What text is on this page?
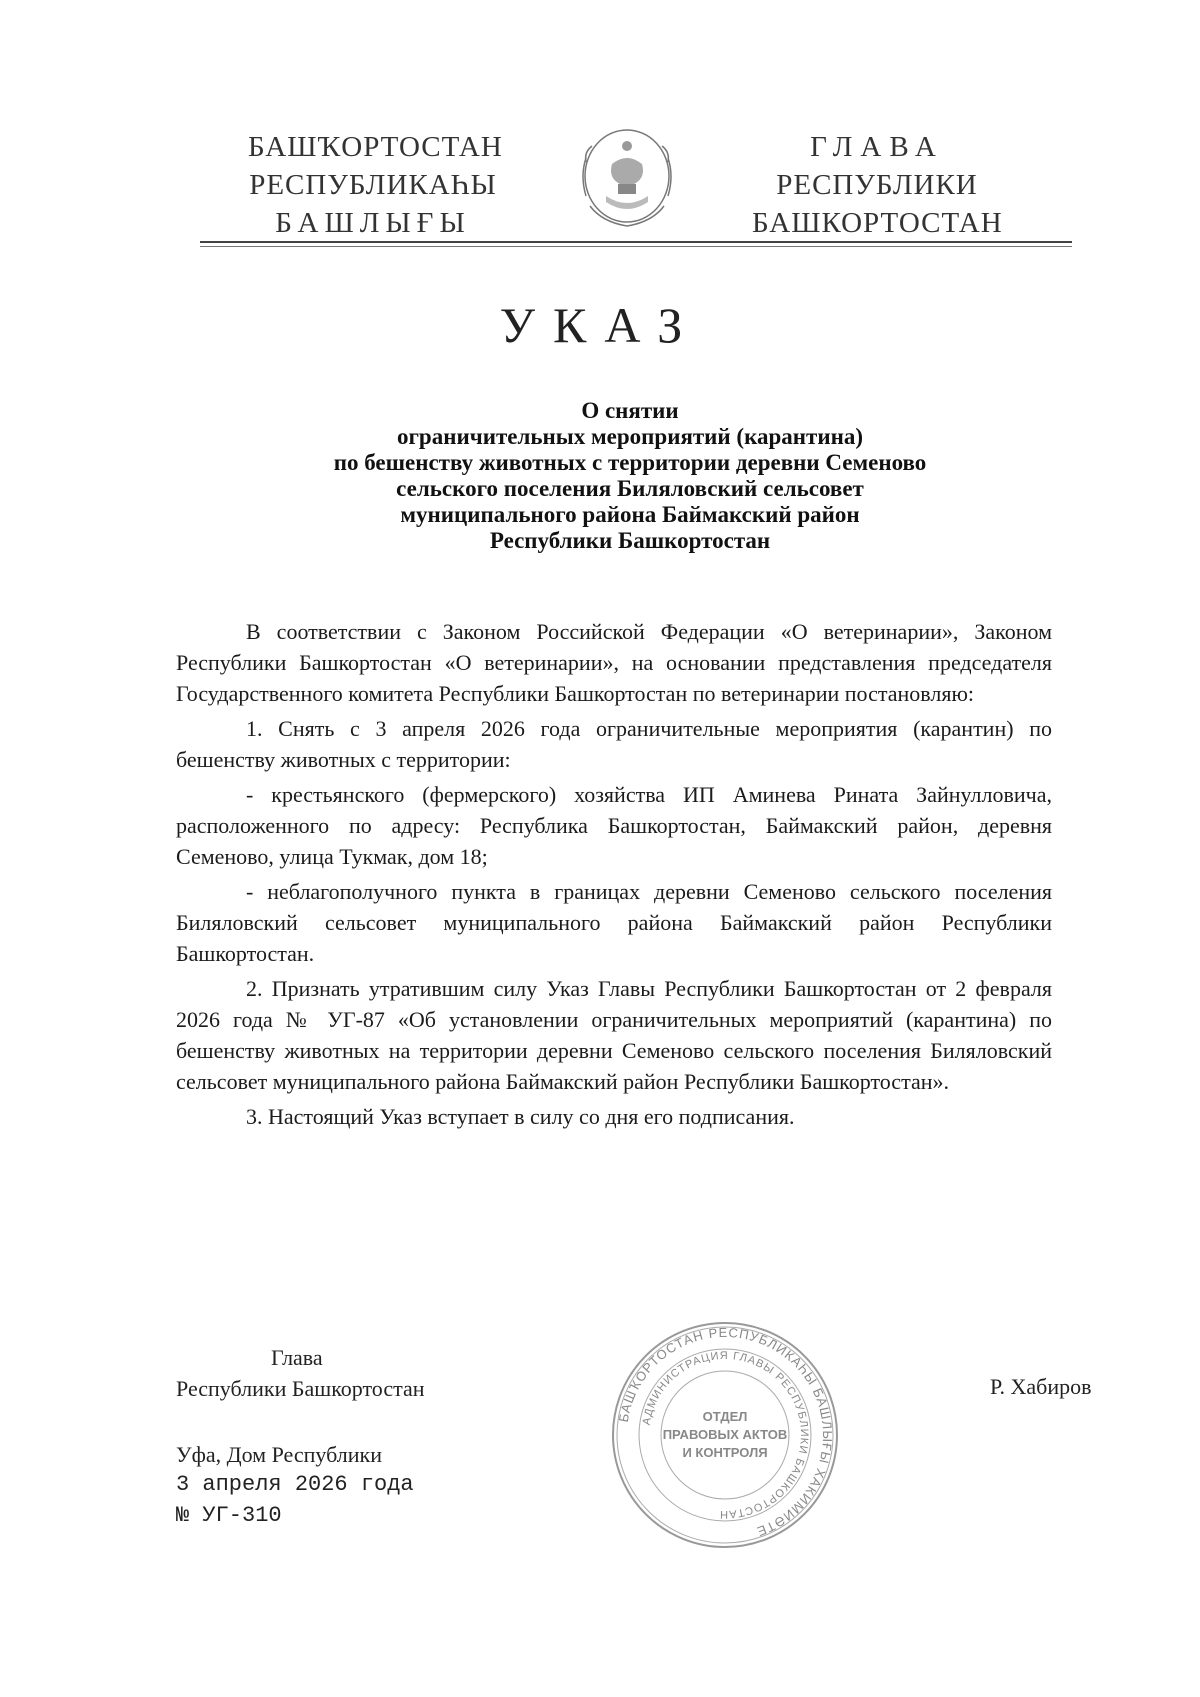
БАШҠОРТОСТАН
РЕСПУБЛИКАҺЫ
БАШЛЫҒЫ
ГЛАВА
РЕСПУБЛИКИ
БАШКОРТОСТАН
УКАЗ
О снятии
ограничительных мероприятий (карантина)
по бешенству животных с территории деревни Семеново
сельского поселения Биляловский сельсовет
муниципального района Баймакский район
Республики Башкортостан

В соответствии с Законом Российской Федерации «О ветеринарии», Законом Республики Башкортостан «О ветеринарии», на основании представления председателя Государственного комитета Республики Башкортостан по ветеринарии постановляю:

1. Снять с 3 апреля 2026 года ограничительные мероприятия (карантин) по бешенству животных с территории:

- крестьянского (фермерского) хозяйства ИП Аминева Рината Зайнулловича, расположенного по адресу: Республика Башкортостан, Баймакский район, деревня Семеново, улица Тукмак, дом 18;

- неблагополучного пункта в границах деревни Семеново сельского поселения Биляловский сельсовет муниципального района Баймакский район Республики Башкортостан.

2. Признать утратившим силу Указ Главы Республики Башкортостан от 2 февраля 2026 года № УГ-87 «Об установлении ограничительных мероприятий (карантина) по бешенству животных на территории деревни Семеново сельского поселения Биляловский сельсовет муниципального района Баймакский район Республики Башкортостан».

3. Настоящий Указ вступает в силу со дня его подписания.

Глава
Республики Башкортостан	Р. Хабиров
БАШҠОРТОСТАН РЕСПУБЛИКАҺЫ БАШЛЫҒЫ ХАКИМИӘТЕ
АДМИНИСТРАЦИЯ ГЛАВЫ РЕСПУБЛИКИ БАШКОРТОСТАН
ОТДЕЛ
ПРАВОВЫХ АКТОВ
И КОНТРОЛЯ
Уфа, Дом Республики
3 апреля 2026 года
№ УГ-310
